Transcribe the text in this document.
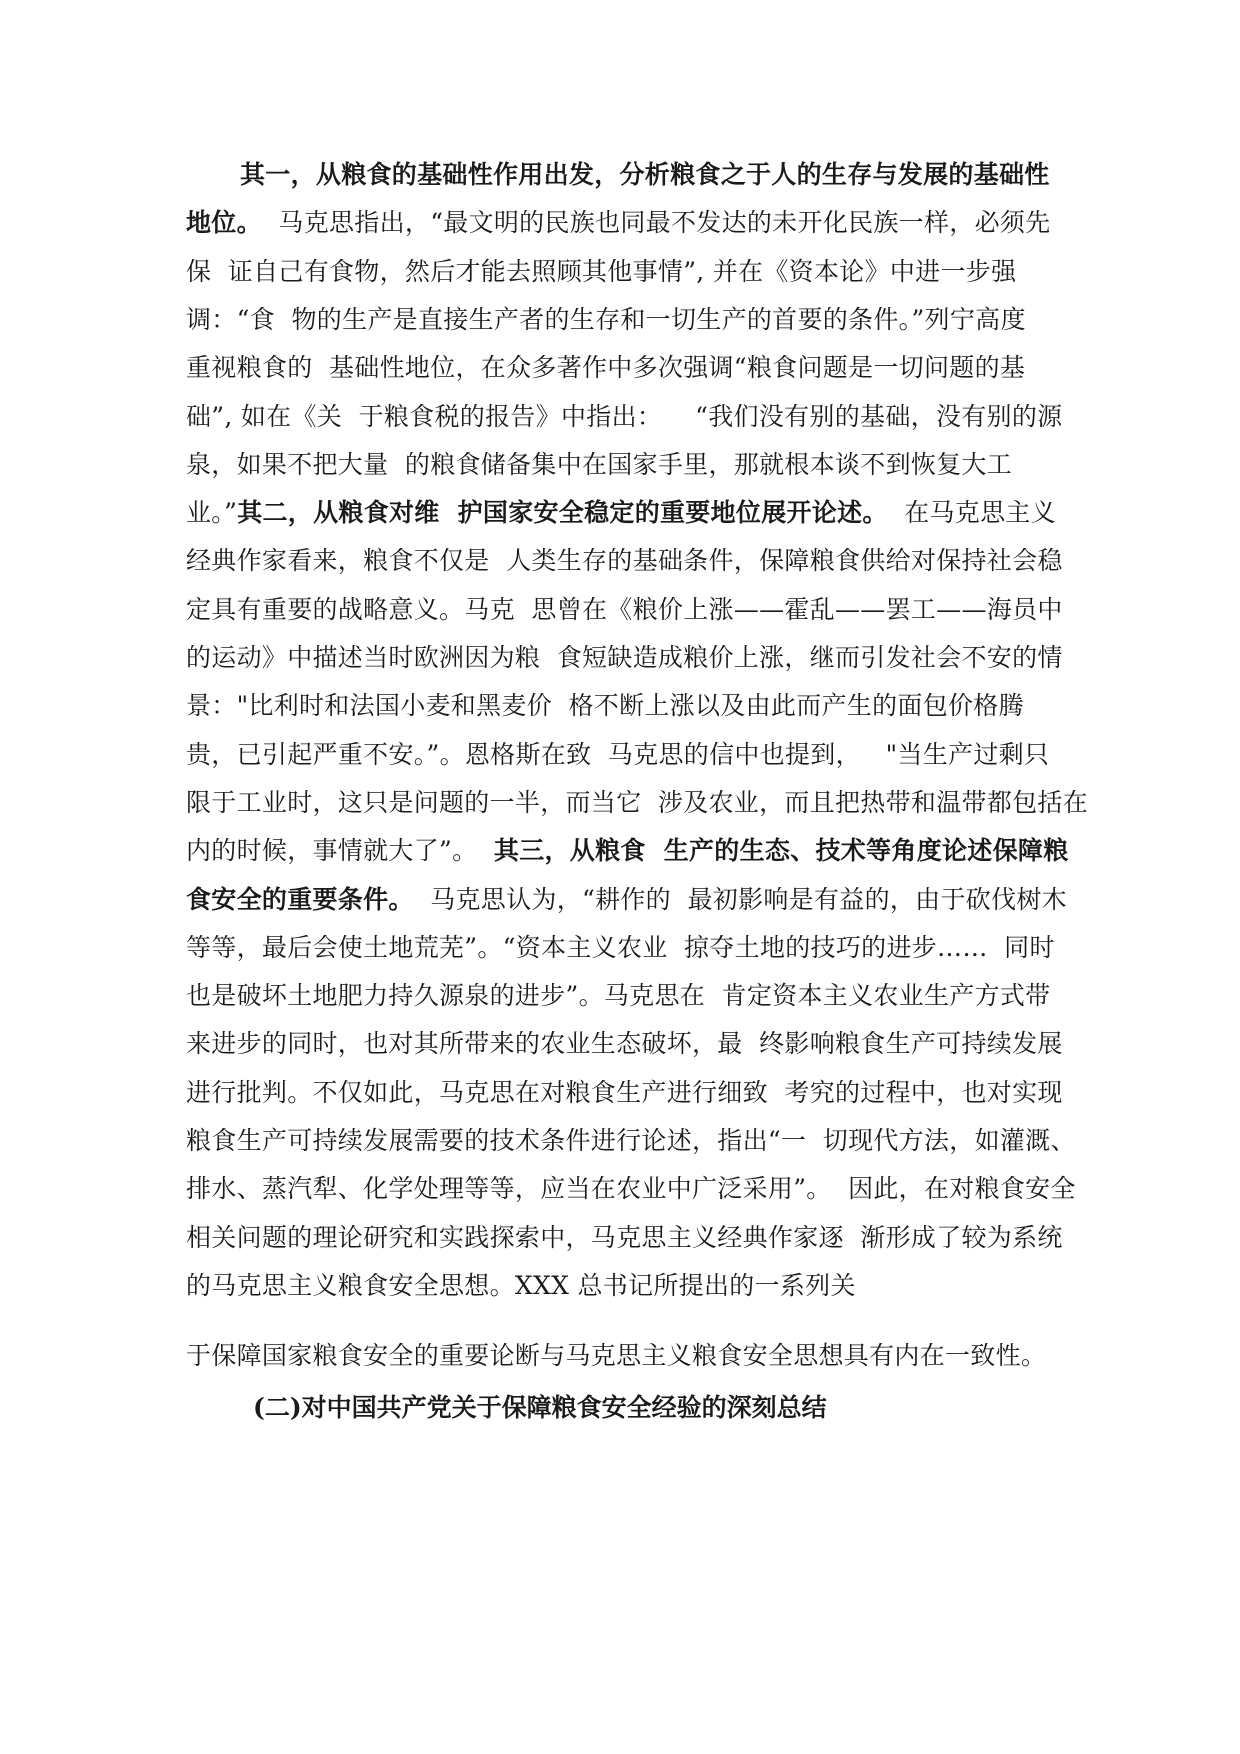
其一，从粮食的基础性作用出发，分析粮食之于人的生存与发展的基础性
地位。  马克思指出，“最文明的民族也同最不发达的未开化民族一样，必须先
保  证自己有食物，然后才能去照顾其他事情”, 并在《资本论》中进一步强
调：“食  物的生产是直接生产者的生存和一切生产的首要的条件。”列宁高度
重视粮食的  基础性地位，在众多著作中多次强调“粮食问题是一切问题的基
础”, 如在《关  于粮食税的报告》中指出：    “我们没有别的基础，没有别的源
泉，如果不把大量  的粮食储备集中在国家手里，那就根本谈不到恢复大工
业。”其二，从粮食对维  护国家安全稳定的重要地位展开论述。  在马克思主义
经典作家看来，粮食不仅是  人类生存的基础条件，保障粮食供给对保持社会稳
定具有重要的战略意义。马克  思曾在《粮价上涨——霍乱——罢工——海员中
的运动》中描述当时欧洲因为粮  食短缺造成粮价上涨，继而引发社会不安的情
景："比利时和法国小麦和黑麦价  格不断上涨以及由此而产生的面包价格腾
贵，已引起严重不安。”。恩格斯在致  马克思的信中也提到，   "当生产过剩只
限于工业时，这只是问题的一半，而当它  涉及农业，而且把热带和温带都包括在
内的时候，事情就大了”。  其三，从粮食  生产的生态、技术等角度论述保障粮
食安全的重要条件。  马克思认为，“耕作的  最初影响是有益的，由于砍伐树木
等等，最后会使土地荒芜”。“资本主义农业  掠夺土地的技巧的进步……  同时
也是破坏土地肥力持久源泉的进步”。马克思在  肯定资本主义农业生产方式带
来进步的同时，也对其所带来的农业生态破坏，最  终影响粮食生产可持续发展
进行批判。不仅如此，马克思在对粮食生产进行细致  考究的过程中，也对实现
粮食生产可持续发展需要的技术条件进行论述，指出“一  切现代方法，如灌溉、
排水、蒸汽犁、化学处理等等，应当在农业中广泛采用”。  因此，在对粮食安全
相关问题的理论研究和实践探索中，马克思主义经典作家逐  渐形成了较为系统
的马克思主义粮食安全思想。XXX 总书记所提出的一系列关
于保障国家粮食安全的重要论断与马克思主义粮食安全思想具有内在一致性。
(二)对中国共产党关于保障粮食安全经验的深刻总结
